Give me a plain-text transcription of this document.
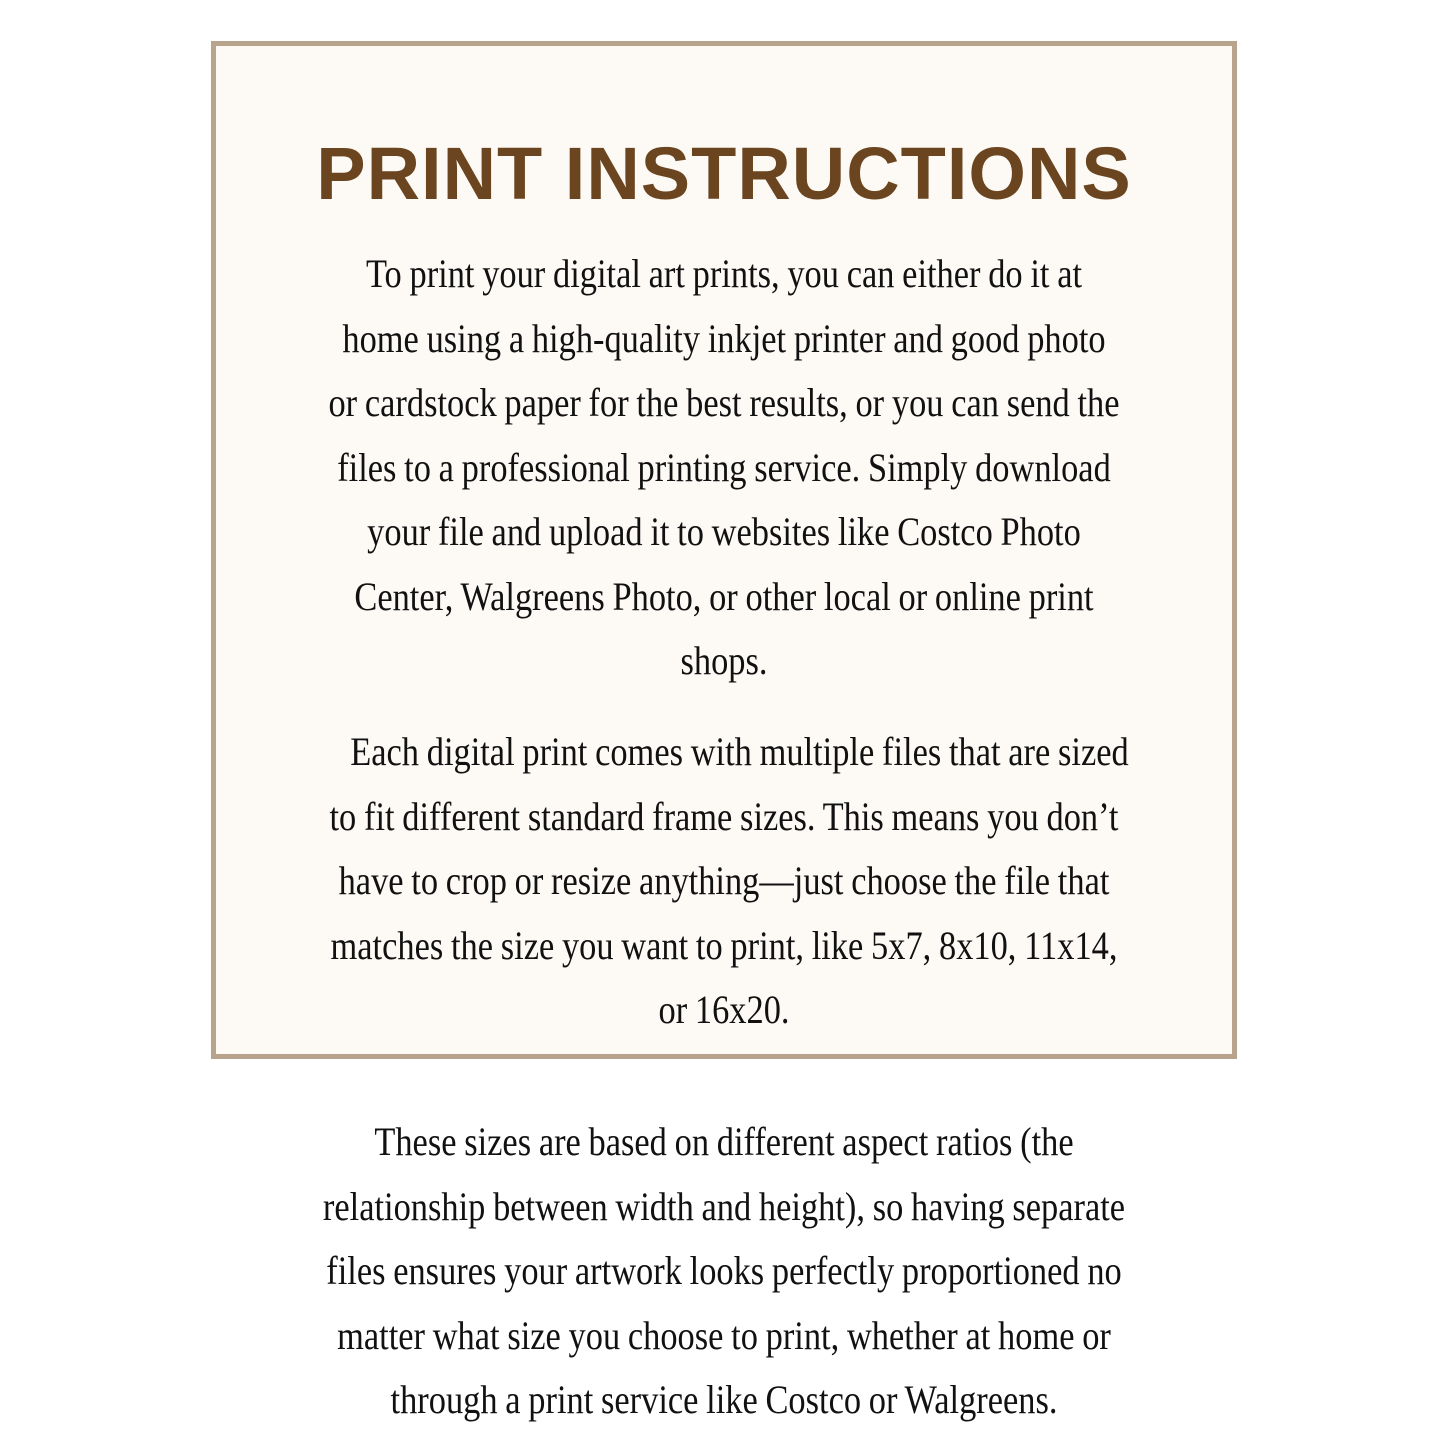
PRINT INSTRUCTIONS

To print your digital art prints, you can either do it at
home using a high-quality inkjet printer and good photo
or cardstock paper for the best results, or you can send the
files to a professional printing service. Simply download
your file and upload it to websites like Costco Photo
Center, Walgreens Photo, or other local or online print
shops.

Each digital print comes with multiple files that are sized
to fit different standard frame sizes. This means you don’t
have to crop or resize anything—just choose the file that
matches the size you want to print, like 5x7, 8x10, 11x14,
or 16x20.

These sizes are based on different aspect ratios (the
relationship between width and height), so having separate
files ensures your artwork looks perfectly proportioned no
matter what size you choose to print, whether at home or
through a print service like Costco or Walgreens.
